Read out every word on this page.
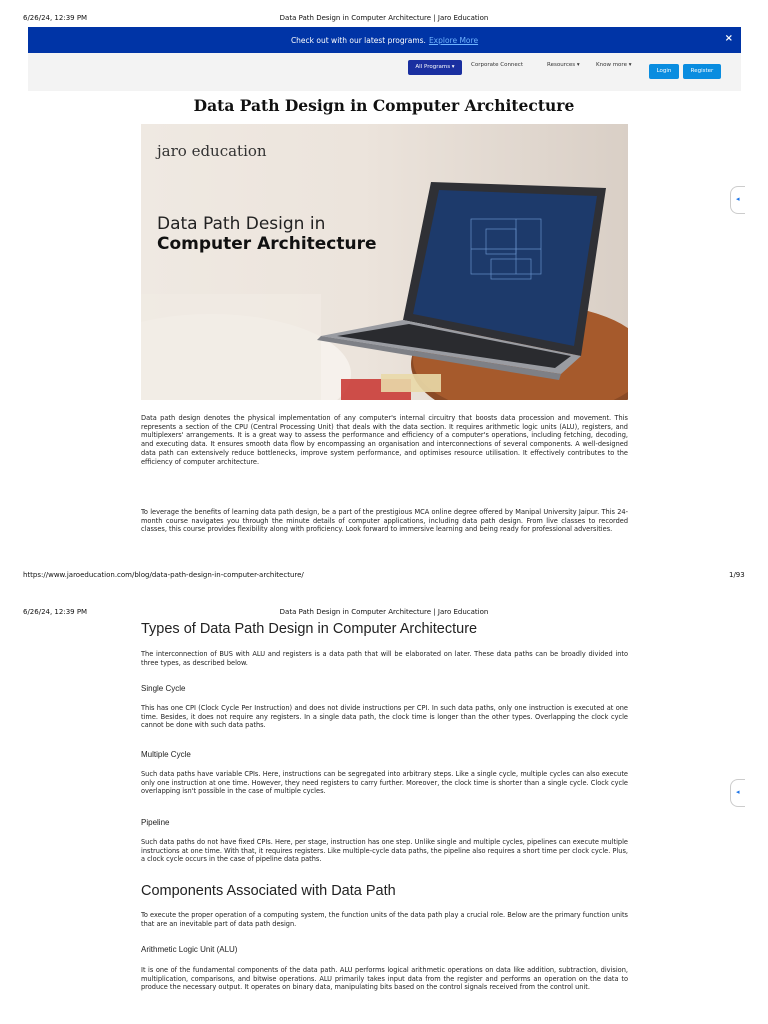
6/26/24, 12:39 PM	Data Path Design in Computer Architecture | Jaro Education
Check out with our latest programs. Explore More	×
All Programs ▾	Corporate Connect	Resources ▾	Know more ▾
Login	Register
Data Path Design in Computer Architecture
jaro education
Data Path Design in
Computer Architecture
Data path design denotes the physical implementation of any computer's internal circuitry that boosts data procession and movement. This represents a section of the CPU (Central Processing Unit) that deals with the data section. It requires arithmetic logic units (ALU), registers, and multiplexers' arrangements. It is a great way to assess the performance and efficiency of a computer's operations, including fetching, decoding, and executing data. It ensures smooth data flow by encompassing an organisation and interconnections of several components. A well-designed data path can extensively reduce bottlenecks, improve system performance, and optimises resource utilisation. It effectively contributes to the efficiency of computer architecture.
To leverage the benefits of learning data path design, be a part of the prestigious MCA online degree offered by Manipal University Jaipur. This 24-month course navigates you through the minute details of computer applications, including data path design. From live classes to recorded classes, this course provides flexibility along with proficiency. Look forward to immersive learning and being ready for professional adversities.
https://www.jaroeducation.com/blog/data-path-design-in-computer-architecture/	1/93
◂
6/26/24, 12:39 PM	Data Path Design in Computer Architecture | Jaro Education
Types of Data Path Design in Computer Architecture
The interconnection of BUS with ALU and registers is a data path that will be elaborated on later. These data paths can be broadly divided into three types, as described below.
Single Cycle
This has one CPI (Clock Cycle Per Instruction) and does not divide instructions per CPI. In such data paths, only one instruction is executed at one time. Besides, it does not require any registers. In a single data path, the clock time is longer than the other types. Overlapping the clock cycle cannot be done with such data paths.
Multiple Cycle
Such data paths have variable CPIs. Here, instructions can be segregated into arbitrary steps. Like a single cycle, multiple cycles can also execute only one instruction at one time. However, they need registers to carry further. Moreover, the clock time is shorter than a single cycle. Clock cycle overlapping isn't possible in the case of multiple cycles.
Pipeline
Such data paths do not have fixed CPIs. Here, per stage, instruction has one step. Unlike single and multiple cycles, pipelines can execute multiple instructions at one time. With that, it requires registers. Like multiple-cycle data paths, the pipeline also requires a short time per clock cycle. Plus, a clock cycle occurs in the case of pipeline data paths.
Components Associated with Data Path
To execute the proper operation of a computing system, the function units of the data path play a crucial role. Below are the primary function units that are an inevitable part of data path design.
Arithmetic Logic Unit (ALU)
It is one of the fundamental components of the data path. ALU performs logical arithmetic operations on data like addition, subtraction, division, multiplication, comparisons, and bitwise operations. ALU primarily takes input data from the register and performs an operation on the data to produce the necessary output. It operates on binary data, manipulating bits based on the control signals received from the control unit.
◂
